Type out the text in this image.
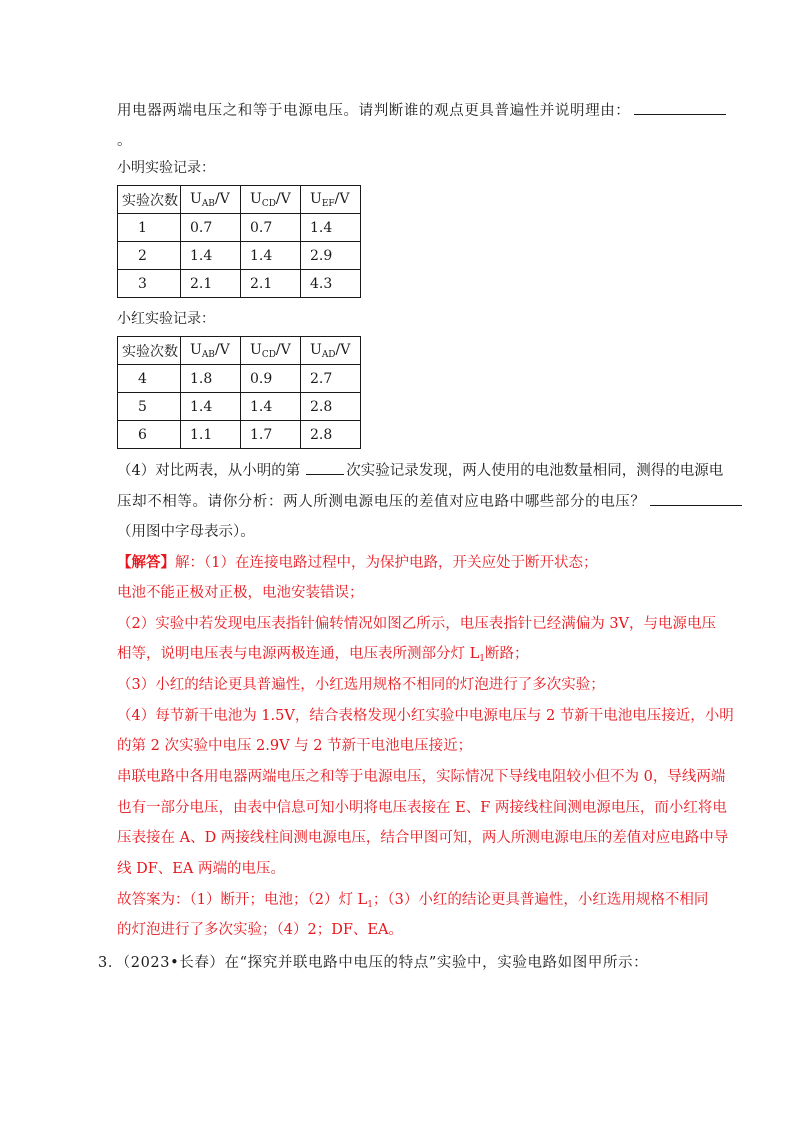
用电器两端电压之和等于电源电压。请判断谁的观点更具普遍性并说明理由：
。
小明实验记录：
实验次数	$U_{AB}/V$	$U_{CD}/V$	$U_{EF}/V$
1	0.7	0.7	1.4
2	1.4	1.4	2.9
3	2.1	2.1	4.3
小红实验记录：
实验次数	$U_{AB}/V$	$U_{CD}/V$	$U_{AD}/V$
4	1.8	0.9	2.7
5	1.4	1.4	2.8
6	1.1	1.7	2.8
（4）对比两表，从小明的第	次实验记录发现，两人使用的电池数量相同，测得的电源电
压却不相等。请你分析：两人所测电源电压的差值对应电路中哪些部分的电压？
（用图中字母表示）。
【解答】解：（1）在连接电路过程中，为保护电路，开关应处于断开状态；
电池不能正极对正极，电池安装错误；
（2）实验中若发现电压表指针偏转情况如图乙所示，电压表指针已经满偏为 3V，与电源电压
相等，说明电压表与电源两极连通，电压表所测部分灯 $L_1$断路；
（3）小红的结论更具普遍性，小红选用规格不相同的灯泡进行了多次实验；
（4）每节新干电池为 1.5V，结合表格发现小红实验中电源电压与 2 节新干电池电压接近，小明
的第 2 次实验中电压 2.9V 与 2 节新干电池电压接近；
串联电路中各用电器两端电压之和等于电源电压，实际情况下导线电阻较小但不为 0，导线两端
也有一部分电压，由表中信息可知小明将电压表接在 E、F 两接线柱间测电源电压，而小红将电
压表接在 A、D 两接线柱间测电源电压，结合甲图可知，两人所测电源电压的差值对应电路中导
线 DF、EA 两端的电压。
故答案为：（1）断开；电池；（2）灯 $L_1$；（3）小红的结论更具普遍性，小红选用规格不相同
的灯泡进行了多次实验；（4）2；DF、EA。
3．（2023•长春）在“探究并联电路中电压的特点”实验中，实验电路如图甲所示：
